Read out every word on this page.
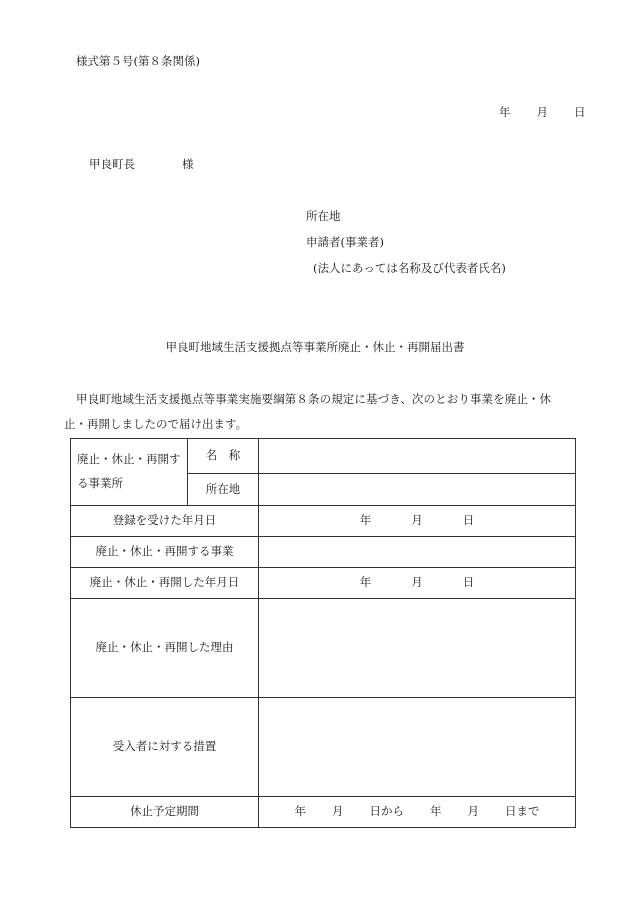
様式第５号(第８条関係)
年 月 日
甲良町長	様
所在地
申請者(事業者)
(法人にあっては名称及び代表者氏名)
甲良町地域生活支援拠点等事業所廃止・休止・再開届出書
甲良町地域生活支援拠点等事業実施要綱第８条の規定に基づき、次のとおり事業を廃止・休
止・再開しましたので届け出ます。
廃止・休止・再開す
る事業所	名　称	
	所在地	
登録を受けた年月日		年 月 日
廃止・休止・再開する事業		
廃止・休止・再開した年月日		年 月 日
廃止・休止・再開した理由		
受入者に対する措置		
休止予定期間		年 月 日から 年 月 日まで
